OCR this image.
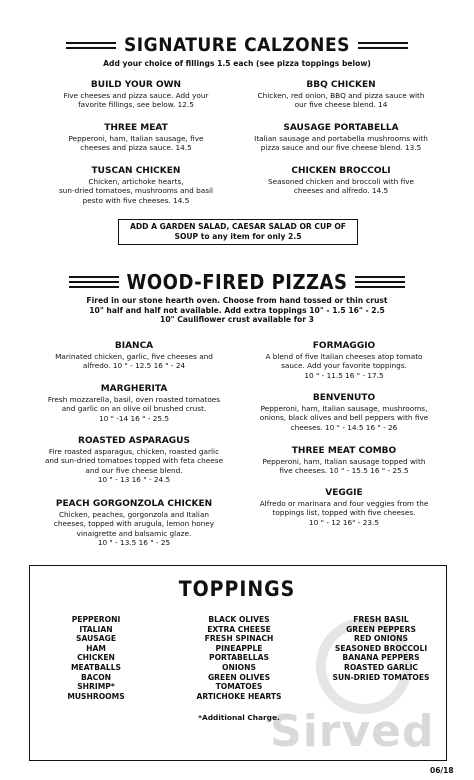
SIGNATURE CALZONES
Add your choice of fillings 1.5 each (see pizza toppings below)
BUILD YOUR OWN
Five cheeses and pizza sauce. Add your
favorite fillings, see below. 12.5
THREE MEAT
Pepperoni, ham, Italian sausage, five
cheeses and pizza sauce. 14.5
TUSCAN CHICKEN
Chicken, artichoke hearts,
sun-dried tomatoes, mushrooms and basil
pesto with five cheeses. 14.5
BBQ CHICKEN
Chicken, red onion, BBQ and pizza sauce with
our five cheese blend. 14
SAUSAGE PORTABELLA
Italian sausage and portabella mushrooms with
pizza sauce and our five cheese blend. 13.5
CHICKEN BROCCOLI
Seasoned chicken and broccoli with five
cheeses and alfredo. 14.5
ADD A GARDEN SALAD, CAESAR SALAD OR CUP OF
SOUP to any item for only 2.5
WOOD-FIRED PIZZAS
Fired in our stone hearth oven. Choose from hand tossed or thin crust
10" half and half not available. Add extra toppings 10" - 1.5 16" - 2.5
10" Cauliflower crust available for 3
BIANCA
Marinated chicken, garlic, five cheeses and
alfredo. 10 " - 12.5 16 " - 24
MARGHERITA
Fresh mozzarella, basil, oven roasted tomatoes
and garlic on an olive oil brushed crust.
10 " -14 16 " - 25.5
ROASTED ASPARAGUS
Fire roasted asparagus, chicken, roasted garlic
and sun-dried tomatoes topped with feta cheese
and our five cheese blend.
10 " - 13 16 " - 24.5
PEACH GORGONZOLA CHICKEN
Chicken, peaches, gorgonzola and Italian
cheeses, topped with arugula, lemon honey
vinaigrette and balsamic glaze.
10 " - 13.5 16 " - 25
FORMAGGIO
A blend of five Italian cheeses atop tomato
sauce. Add your favorite toppings.
10 " - 11.5 16 " - 17.5
BENVENUTO
Pepperoni, ham, Italian sausage, mushrooms,
onions, black olives and bell peppers with five
cheeses. 10 " - 14.5 16 " - 26
THREE MEAT COMBO
Pepperoni, ham, Italian sausage topped with
five cheeses. 10 " - 15.5 16 " - 25.5
VEGGIE
Alfredo or marinara and four veggies from the
toppings list, topped with five cheeses.
10 " - 12 16" - 23.5
Sirved
TOPPINGS
PEPPERONI
ITALIAN
SAUSAGE
HAM
CHICKEN
MEATBALLS
BACON
SHRIMP*
MUSHROOMS
BLACK OLIVES
EXTRA CHEESE
FRESH SPINACH
PINEAPPLE
PORTABELLAS
ONIONS
GREEN OLIVES
TOMATOES
ARTICHOKE HEARTS
FRESH BASIL
GREEN PEPPERS
RED ONIONS
SEASONED BROCCOLI
BANANA PEPPERS
ROASTED GARLIC
SUN-DRIED TOMATOES
*Additional Charge.
06/18
